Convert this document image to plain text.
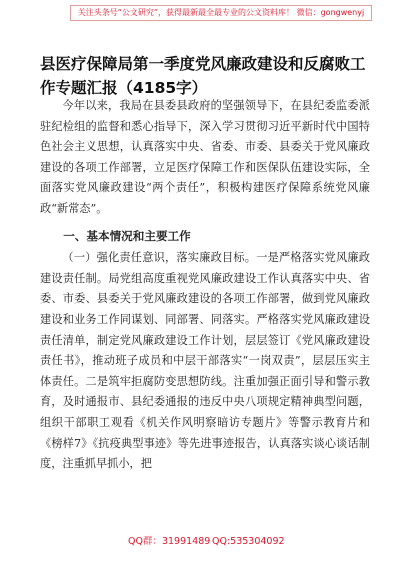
关注头条号“公文研究”，获得最新最全最专业的公文资料库！ 微信：gongwenyj
县医疗保障局第一季度党风廉政建设和反腐败工作专题汇报（4185字）

今年以来，我局在县委县政府的坚强领导下，在县纪委监委派驻纪检组的监督和悉心指导下，深入学习贯彻习近平新时代中国特色社会主义思想，认真落实中央、省委、市委、县委关于党风廉政建设的各项工作部署，立足医疗保障工作和医保队伍建设实际，全面落实党风廉政建设“两个责任”，积极构建医疗保障系统党风廉政“新常态”。

一、基本情况和主要工作

（一）强化责任意识，落实廉政目标。一是严格落实党风廉政建设责任制。局党组高度重视党风廉政建设工作认真落实中央、省委、市委、县委关于党风廉政建设的各项工作部署，做到党风廉政建设和业务工作同谋划、同部署、同落实。严格落实党风廉政建设责任清单，制定党风廉政建设工作计划，层层签订《党风廉政建设责任书》，推动班子成员和中层干部落实“一岗双责”，层层压实主体责任。二是筑牢拒腐防变思想防线。注重加强正面引导和警示教育，及时通报市、县纪委通报的违反中央八项规定精神典型问题，组织干部职工观看《机关作风明察暗访专题片》等警示教育片和《榜样7》《抗疫典型事迹》等先进事迹报告，认真落实谈心谈话制度，注重抓早抓小，把

QQ群：31991489 QQ:535304092
